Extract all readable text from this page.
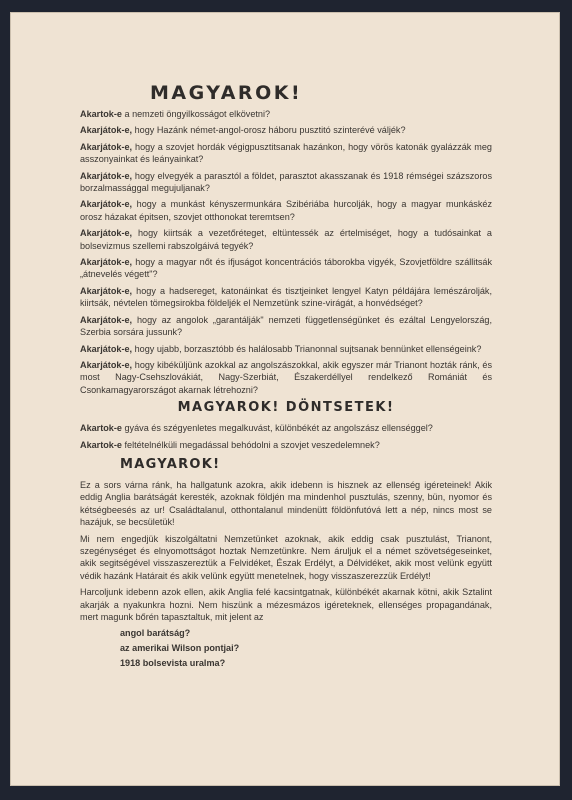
MAGYAROK!

Akartok-e a nemzeti öngyilkosságot elkövetni?

Akarjátok-e, hogy Hazánk német-angol-orosz háboru pusztitó szinterévé váljék?

Akarjátok-e, hogy a szovjet hordák végigpusztitsanak hazánkon, hogy vörös katonák gyalázzák meg asszonyainkat és leányainkat?

Akarjátok-e, hogy elvegyék a parasztól a földet, parasztot akasszanak és 1918 rémségei százszoros borzalmassággal megujuljanak?

Akarjátok-e, hogy a munkást kényszermunkára Szibériába hurcolják, hogy a magyar munkáskéz orosz házakat épitsen, szovjet otthonokat teremtsen?

Akarjátok-e, hogy kiirtsák a vezetőréteget, eltüntessék az értelmiséget, hogy a tudósainkat a bolsevizmus szellemi rabszolgáivá tegyék?

Akarjátok-e, hogy a magyar nőt és ifjuságot koncentrációs táborokba vigyék, Szovjetföldre szállitsák „átnevelés végett"?

Akarjátok-e, hogy a hadsereget, katonáinkat és tisztjeinket lengyel Katyn példájára lemészárolják, kiirtsák, névtelen tömegsirokba földeljék el Nemzetünk szine-virágát, a honvédséget?

Akarjátok-e, hogy az angolok „garantálják" nemzeti függetlenségünket és ezáltal Lengyelország, Szerbia sorsára jussunk?

Akarjátok-e, hogy ujabb, borzasztóbb és halálosabb Trianonnal sujtsanak bennünket ellenségeink?

Akarjátok-e, hogy kibéküljünk azokkal az angolszászokkal, akik egyszer már Trianont hozták ránk, és most Nagy-Csehszlovákiát, Nagy-Szerbiát, Északerdéllyel rendelkező Romániát és Csonkamagyarországot akarnak létrehozni?

MAGYAROK! DÖNTSETEK!

Akartok-e gyáva és szégyenletes megalkuvást, különbékét az angolszász ellenséggel?

Akartok-e feltételnélküli megadással behódolni a szovjet veszedelemnek?

MAGYAROK!

Ez a sors várna ránk, ha hallgatunk azokra, akik idebenn is hisznek az ellenség igéreteinek! Akik eddig Anglia barátságát keresték, azoknak földjén ma mindenhol pusztulás, szenny, bün, nyomor és kétségbeesés az ur! Családtalanul, otthontalanul mindenütt földönfutóvá lett a nép, nincs most se hazájuk, se becsületük!

Mi nem engedjük kiszolgáltatni Nemzetünket azoknak, akik eddig csak pusztulást, Trianont, szegénységet és elnyomottságot hoztak Nemzetünkre. Nem áruljuk el a német szövetségeseinket, akik segitségével visszaszereztük a Felvidéket, Észak Erdélyt, a Délvidéket, akik most velünk együtt védik hazánk Határait és akik velünk együtt menetelnek, hogy visszaszerezzük Erdélyt!

Harcoljunk idebenn azok ellen, akik Anglia felé kacsintgatnak, különbékét akarnak kötni, akik Sztalint akarják a nyakunkra hozni. Nem hiszünk a mézesmázos igéreteknek, ellenséges propagandának, mert magunk bőrén tapasztaltuk, mit jelent az

angol barátság?
az amerikai Wilson pontjai?
1918 bolsevista uralma?
